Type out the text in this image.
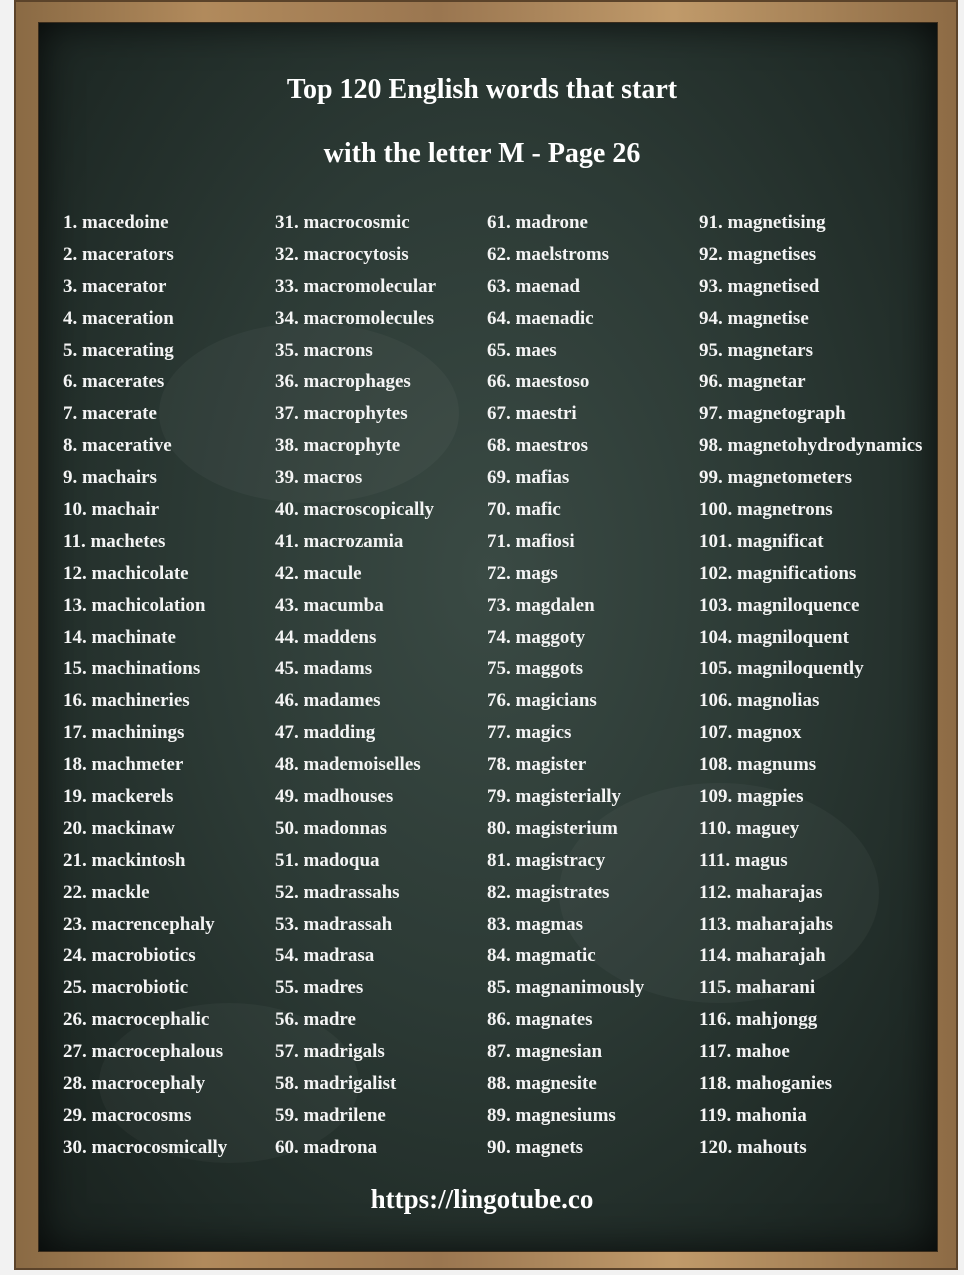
Top 120 English words that start
with the letter M - Page 26
1. macedoine
2. macerators
3. macerator
4. maceration
5. macerating
6. macerates
7. macerate
8. macerative
9. machairs
10. machair
11. machetes
12. machicolate
13. machicolation
14. machinate
15. machinations
16. machineries
17. machinings
18. machmeter
19. mackerels
20. mackinaw
21. mackintosh
22. mackle
23. macrencephaly
24. macrobiotics
25. macrobiotic
26. macrocephalic
27. macrocephalous
28. macrocephaly
29. macrocosms
30. macrocosmically
31. macrocosmic
32. macrocytosis
33. macromolecular
34. macromolecules
35. macrons
36. macrophages
37. macrophytes
38. macrophyte
39. macros
40. macroscopically
41. macrozamia
42. macule
43. macumba
44. maddens
45. madams
46. madames
47. madding
48. mademoiselles
49. madhouses
50. madonnas
51. madoqua
52. madrassahs
53. madrassah
54. madrasa
55. madres
56. madre
57. madrigals
58. madrigalist
59. madrilene
60. madrona
61. madrone
62. maelstroms
63. maenad
64. maenadic
65. maes
66. maestoso
67. maestri
68. maestros
69. mafias
70. mafic
71. mafiosi
72. mags
73. magdalen
74. maggoty
75. maggots
76. magicians
77. magics
78. magister
79. magisterially
80. magisterium
81. magistracy
82. magistrates
83. magmas
84. magmatic
85. magnanimously
86. magnates
87. magnesian
88. magnesite
89. magnesiums
90. magnets
91. magnetising
92. magnetises
93. magnetised
94. magnetise
95. magnetars
96. magnetar
97. magnetograph
98. magnetohydrodynamics
99. magnetometers
100. magnetrons
101. magnificat
102. magnifications
103. magniloquence
104. magniloquent
105. magniloquently
106. magnolias
107. magnox
108. magnums
109. magpies
110. maguey
111. magus
112. maharajas
113. maharajahs
114. maharajah
115. maharani
116. mahjongg
117. mahoe
118. mahoganies
119. mahonia
120. mahouts
https://lingotube.co
